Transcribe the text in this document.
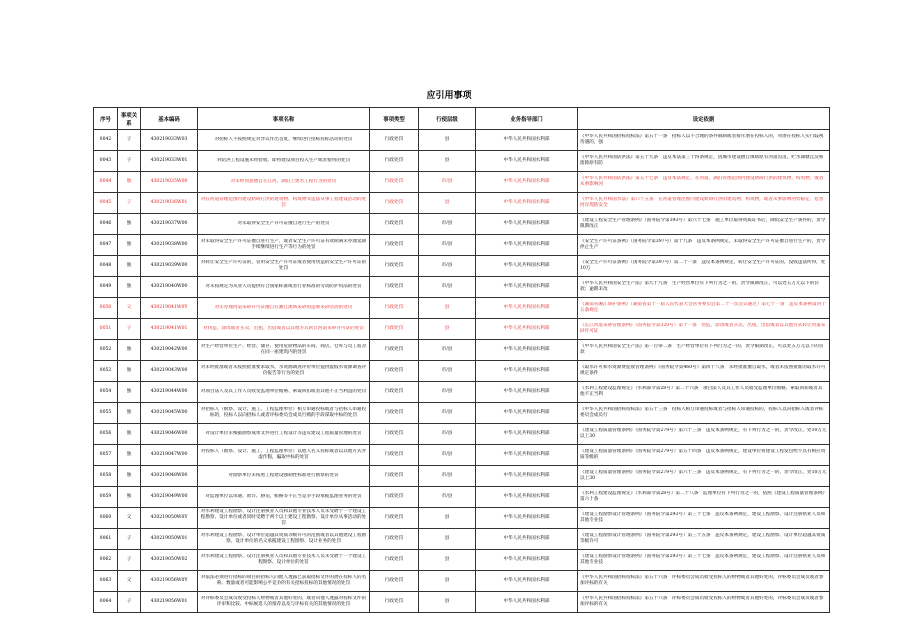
应引用事项
序号	事项关系	基本编码	事项名称	事项类型	行使层级	业务指导部门	设定依据
0042	子	430219033W03	对招标人不按照规定对异议作出答复，继续进行招标投标活动的处罚	行政处罚	县	中华人民共和国水利部	《中华人民共和国招标投标法》第五十一条　招标人以不合理的条件限制或者排斥潜在投标人的，对潜在投标人实行歧视待遇的，强

0043	子	430219033W01	对防洪工程设施未经验收，即将建设项目投入生产或者使用的处罚	行政处罚	县	中华人民共和国水利部	《中华人民共和国防洪法》第五十九条　违反本法第三十四条规定，因城市建设擅自填堵原有河道沟汊、贮水湖塘洼淀和废除原有防

0044	独	430219035W00	对未经同意擅自在江河、湖泊上建水工程行为的处罚	行政处罚	市/县	中华人民共和国水利部	《中华人民共和国防洪法》第五十七条　违反本法规定，在河道、湖泊管理范围内建设妨碍行洪的建筑物、构筑物，或者从事影响河

0045	子	430219036W01	对在河道管理范围内建设妨碍行洪的建筑物、构筑物等违法从事工程建设活动的处罚	行政处罚	县	中华人民共和国水利部	《中华人民共和国水法》第六十五条　在河道管理范围内建设妨碍行洪的建筑物、构筑物，或者从事影响河势稳定、危害河岸堤防安全

0046	独	430219037W00	对未取得安全生产许可证擅自进行生产的处罚	行政处罚	市/县	中华人民共和国水利部	《建设工程安全生产管理条例》（国务院令第393号）第六十七条　施工单位取得资质证书后，降低安全生产条件的，责令限期改正

0047	独	430219038W00	对未取得安全生产许可证擅自进行生产，或者安全生产许可证有效期满未办理延期手续继续进行生产等行为的处罚	行政处罚	市/县	中华人民共和国水利部	《安全生产许可证条例》（国务院令第397号）第十九条　违反本条例规定，未取得安全生产许可证擅自进行生产的，责令停止生产

0048	独	430219039W00	对转让安全生产许可证的，冒用安全生产许可证或者使用伪造的安全生产许可证的处罚	行政处罚	市/县	中华人民共和国水利部	《安全生产许可证条例》（国务院令第397号）第二十一条　违反本条例规定，转让安全生产许可证的，没收违法所得，处10万

0049	独	430219040W00	对未按规定为从业人员提供符合国家标准或者行业标准的劳动防护用品的处罚	行政处罚	市/县	中华人民共和国水利部	《中华人民共和国安全生产法》第九十九条　生产经营单位有下列行为之一的，责令限期改正，可以处五万元以下的罚款；逾期未改

0050	父	430219041W0Y	对未办理河道采砂许可证擅自在湘江流域采砂的违规采砂活动的处罚	行政处罚	县	中华人民共和国水利部	《湖南省湘江保护条例》（湖南省第十一届人民代表大会常务委员会第二十一次会议通过）第七十一条　违反本条例第四十五条规定

0051	子	430219041W01	对伪造、涂改或者买卖、出租、出借或者以其他方式转让河道采砂许可证的处罚	行政处罚	县	中华人民共和国水利部	《长江河道采砂管理条例》（国务院令第320号）第十一条　伪造、涂改或者买卖、出租、出借或者以其他方式转让河道采砂许可证

0052	独	430219042W00	对生产经营单位生产、经营、储存、使用危险物品的车间、商店、仓库与员工宿舍在同一座建筑内的处罚	行政处罚	市/县	中华人民共和国水利部	《中华人民共和国安全生产法》第一百零二条　生产经营单位有下列行为之一的，责令限期改正，可以处五万元以下的罚款

0053	独	430219043W00	对未经批准或者未按照批准要求取水，水资源调查评价单位提供虚假水资源调查评价报告等行为的处罚	行政处罚	市/县	中华人民共和国水利部	《取水许可和水资源费征收管理条例》（国务院令第460号）第四十八条　未经批准擅自取水，或者未依照批准的取水许可规定条件

0054	独	430219044W00	对项目法人及其工作人员收受监理单位贿赂、索取回扣或者其他不正当利益的处罚	行政处罚	市/县	中华人民共和国水利部	《水利工程建设监理规定》（水利部令第28号）第二十六条　项目法人及其工作人员收受监理单位贿赂、索取回扣或者其他不正当利

0055	独	430219045W00	对招标人（勘察、设计、施工、工程监理单位）相互串通投标或者与招标人串通投标的，投标人以向招标人或者评标委员会成员行贿的手段谋取中标的处罚	行政处罚	市/县	中华人民共和国水利部	《中华人民共和国招标投标法》第五十三条　投标人相互串通投标或者与招标人串通投标的，投标人以向招标人或者评标委员会成员行

0056	独	430219046W00	对设计单位未根据勘察成果文件进行工程设计等违反建设工程质量管理的处罚	行政处罚	市/县	中华人民共和国水利部	《建设工程质量管理条例》（国务院令第279号）第六十三条　违反本条例规定，有下列行为之一的，责令改正，处10万元以上30

0057	独	430219047W00	对投标人（勘察、设计、施工、工程监理单位）以他人名义投标或者以其他方式弄虚作假，骗取中标的处罚	行政处罚	市/县	中华人民共和国水利部	《建设工程质量管理条例》（国务院令第279号）第五十四条　违反本条例规定，建设单位将建设工程发包给不具有相应资质等级的

0058	独	430219048W00	对勘察单位未按照工程建设强制性标准进行勘察的处罚	行政处罚	市/县	中华人民共和国水利部	《建设工程质量管理条例》（国务院令第279号）第六十三条　违反本条例规定，有下列行为之一的，责令改正，处10万元以上30

0059	独	430219049W00	对监理单位以串通、欺诈、胁迫、贿赂等不正当竞争手段承揽监理业务的处罚	行政处罚	市/县	中华人民共和国水利部	《水利工程建设监理规定》（水利部令第28号）第二十八条　监理单位有下列行为之一的，依照《建设工程质量管理条例》第六十条

0060	父	430219050W0Y	对水利建设工程勘察、设计注册执业人员和其他专业技术人员未受聘于一个建设工程勘察、设计单位或者同时受聘于两个以上建设工程勘察、设计单位从事活动的处罚	行政处罚	县	中华人民共和国水利部	《建设工程勘察设计管理条例》（国务院令第293号）第三十七条　违反本条例规定，建设工程勘察、设计注册执业人员和其他专业技

0061	子	430219050W01	对水利建设工程勘察、设计单位超越其资质等级许可的范围或者以其他建设工程勘察、设计单位的名义承揽建设工程勘察、设计业务的处罚	行政处罚	县	中华人民共和国水利部	《建设工程勘察设计管理条例》（国务院令第293号）第三十五条　违反本条例规定，建设工程勘察、设计单位超越其资质等级许可

0062	子	430219050W02	对水利建设工程勘察、设计注册执业人员和其他专业技术人员未受聘于一个建设工程勘察、设计单位的处罚	行政处罚	县	中华人民共和国水利部	《建设工程勘察设计管理条例》（国务院令第293号）第三十七条　违反本条例规定，建设工程勘察、设计注册执业人员和其他专业技

0063	父	430219056W0Y	对依法必须进行招标的项目的招标人向他人透露已获取招标文件的潜在投标人的名称、数量或者可能影响公平竞争的有关招标投标的其他情况的处罚	行政处罚	县	中华人民共和国水利部	《中华人民共和国招标投标法》第五十六条　评标委员会成员收受投标人的财物或者其他好处的，评标委员会成员或者参加评标的有关

0064	子	430219056W01	对评标委员会成员收受投标人财物或者其他好处的，或者向他人透露对投标文件的评审和比较、中标候选人的推荐以及与评标有关的其他情况的处罚	行政处罚	县	中华人民共和国水利部	《中华人民共和国招标投标法》第五十六条　评标委员会成员收受投标人的财物或者其他好处的，评标委员会成员或者参加评标的有关
